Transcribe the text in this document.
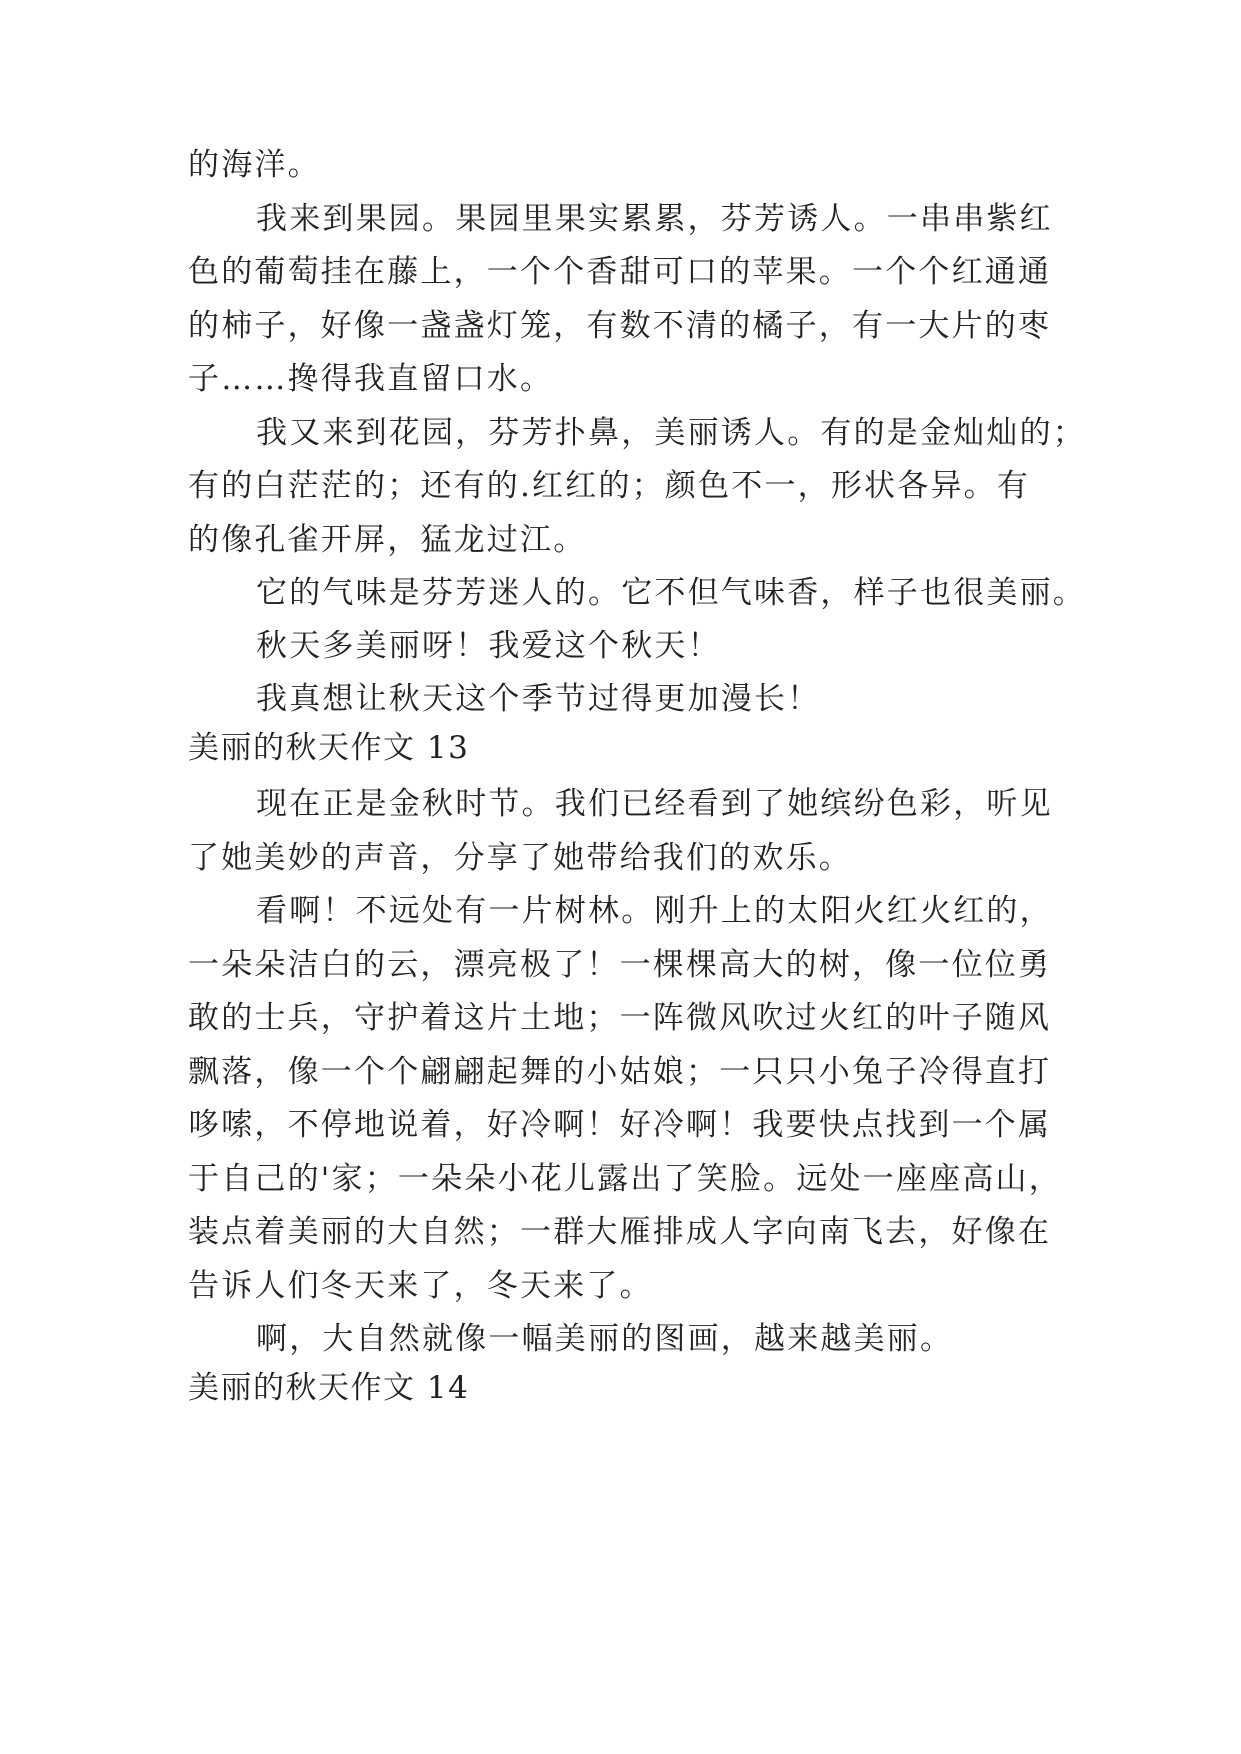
的海洋。
我来到果园。果园里果实累累，芬芳诱人。一串串紫红
色的葡萄挂在藤上，一个个香甜可口的苹果。一个个红通通
的柿子，好像一盏盏灯笼，有数不清的橘子，有一大片的枣
子……搀得我直留口水。
我又来到花园，芬芳扑鼻，美丽诱人。有的是金灿灿的；
有的白茫茫的；还有的.红红的；颜色不一，形状各异。有
的像孔雀开屏，猛龙过江。
它的气味是芬芳迷人的。它不但气味香，样子也很美丽。
秋天多美丽呀！我爱这个秋天！
我真想让秋天这个季节过得更加漫长！
美丽的秋天作文 13
现在正是金秋时节。我们已经看到了她缤纷色彩，听见
了她美妙的声音，分享了她带给我们的欢乐。
看啊！不远处有一片树林。刚升上的太阳火红火红的，
一朵朵洁白的云，漂亮极了！一棵棵高大的树，像一位位勇
敢的士兵，守护着这片土地；一阵微风吹过火红的叶子随风
飘落，像一个个翩翩起舞的小姑娘；一只只小兔子冷得直打
哆嗦，不停地说着，好冷啊！好冷啊！我要快点找到一个属
于自己的'家；一朵朵小花儿露出了笑脸。远处一座座高山，
装点着美丽的大自然；一群大雁排成人字向南飞去，好像在
告诉人们冬天来了，冬天来了。
啊，大自然就像一幅美丽的图画，越来越美丽。
美丽的秋天作文 14
